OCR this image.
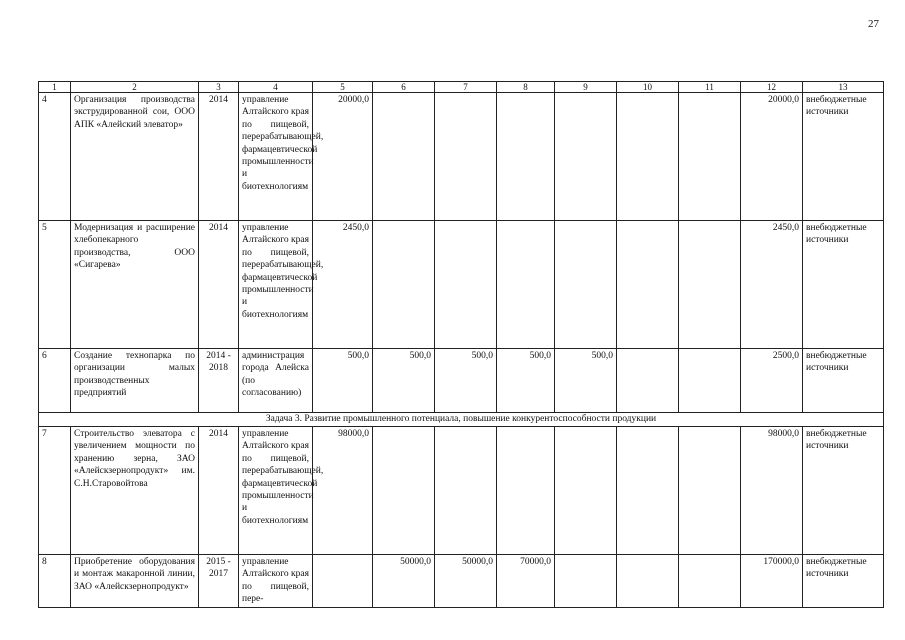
27
1	2	3	4	5	6	7	8	9	10	11	12	13
4	Организация производства экструдированной сои, ООО АПК «Алейский элеватор»	2014	управление Алтайского края по пищевой, перерабатывающей, фармацевтической промышленности и биотехнологиям	20000,0							20000,0	внебюджетные источники
5	Модернизация и расширение хлебопекарного производства, ООО «Сигарева»	2014	управление Алтайского края по пищевой, перерабатывающей, фармацевтической промышленности и биотехнологиям	2450,0							2450,0	внебюджетные источники
6	Создание технопарка по организации малых производственных предприятий	2014 - 2018	администрация города Алейска (по согласованию)	500,0	500,0	500,0	500,0	500,0			2500,0	внебюджетные источники
Задача 3. Развитие промышленного потенциала, повышение конкурентоспособности продукции												
7	Строительство элеватора с увеличением мощности по хранению зерна, ЗАО «Алейскзернопродукт» им. С.Н.Старовойтова	2014	управление Алтайского края по пищевой, перерабатывающей, фармацевтической промышленности и биотехнологиям	98000,0							98000,0	внебюджетные источники
8	Приобретение оборудования и монтаж макаронной линии, ЗАО «Алейскзернопродукт»	2015 - 2017	управление Алтайского края по пищевой, пере-		50000,0	50000,0	70000,0				170000,0	внебюджетные источники
